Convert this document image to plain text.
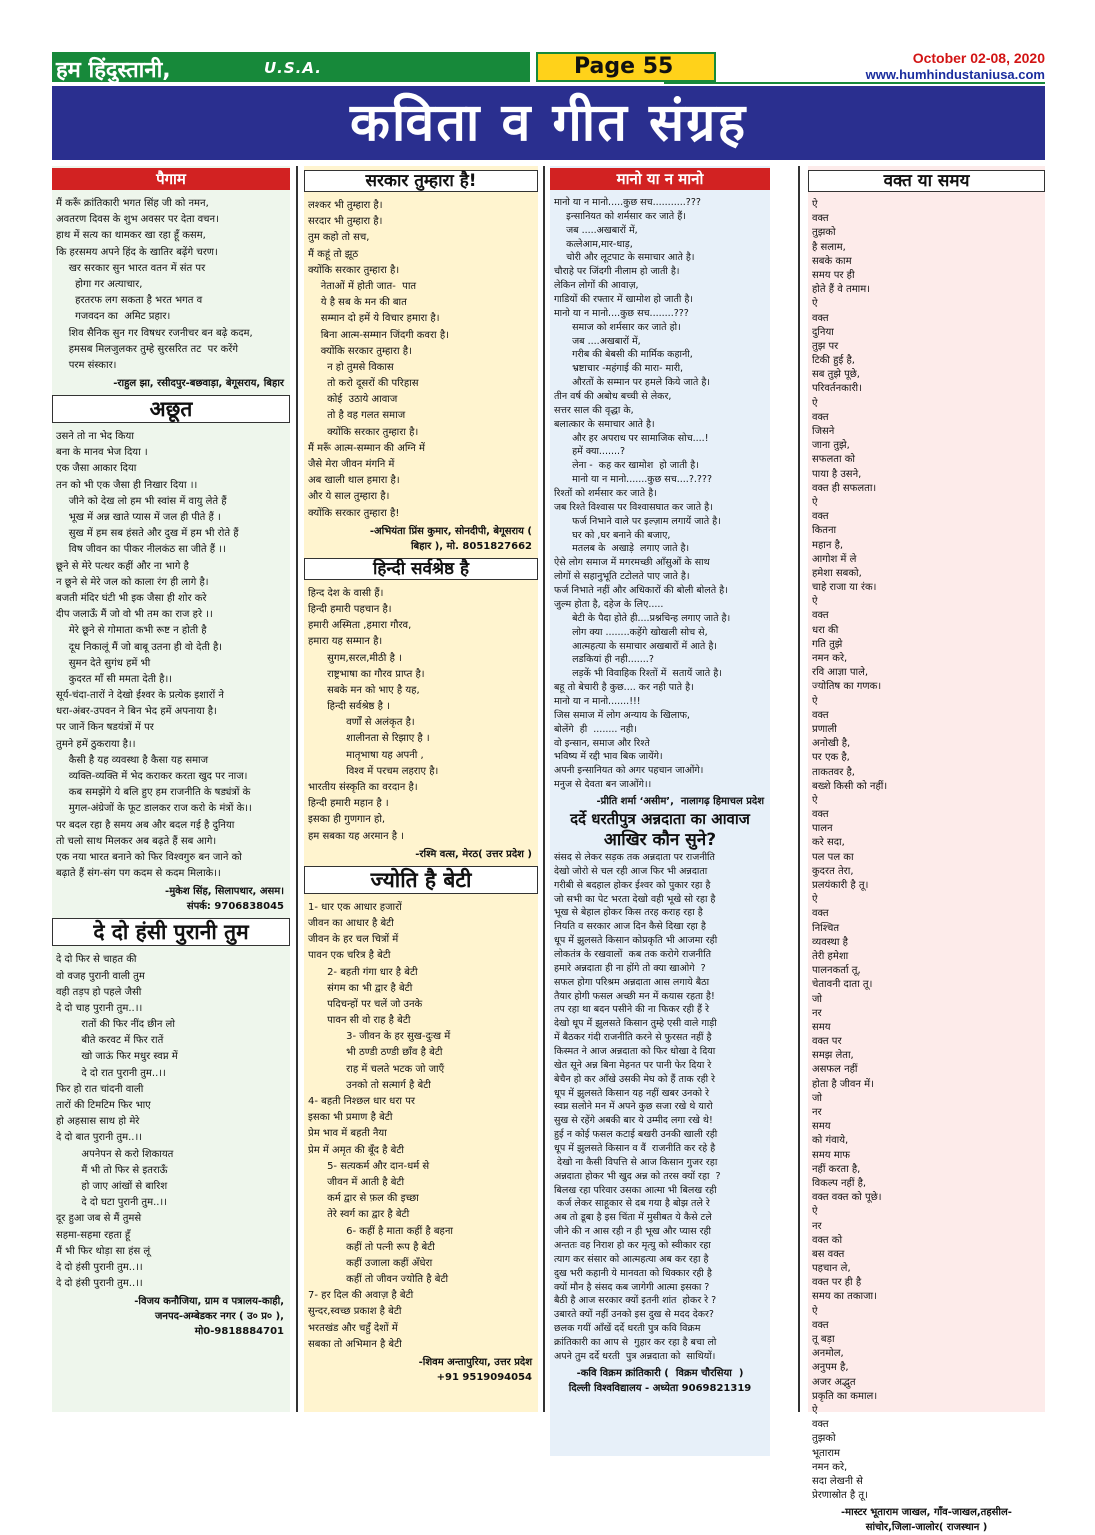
हम हिंदुस्तानी,	U.S.A.	Page 55	October 02-08, 2020
www.humhindustaniusa.com
कविता व गीत संग्रह
पैगाम
मैं करूँ क्रांतिकारी भगत सिंह जी को नमन,
अवतरण दिवस के शुभ अवसर पर देता वचन।
हाथ में सत्य का थामकर खा रहा हूँ कसम,
कि हरसमय अपने हिंद के खातिर बढ़ेंगे चरण।
खर सरकार सुन भारत वतन में संत पर
होगा गर अत्याचार,
हरतरफ लग सकता है भरत भगत व
गजवदन का  अमिट प्रहार।
शिव सैनिक सुन गर विषधर रजनीचर बन बढ़े कदम,
हमसब मिलजुलकर तुम्हे सुरसरित तट  पर करेंगे
परम संस्कार।
-राहुल झा, रसीदपुर-बछवाड़ा, बेगूसराय, बिहार
अछूत
उसने तो ना भेद किया
बना के मानव भेज दिया ।
एक जैसा आकार दिया
तन को भी एक जैसा ही निखार दिया ।।
जीने को देख लो हम भी स्वांस में वायु लेते हैं
भूख में अन्न खाते प्यास में जल ही पीते हैं ।
सुख में हम सब हंसते और दुख में हम भी रोते हैं
विष जीवन का पीकर नीलकंठ सा जीते हैं ।।
छूने से मेरे पत्थर कहीं और ना भागे है
न छूने से मेरे जल को काला रंग ही लागे है।
बजती मंदिर घंटी भी इक जैसा ही शोर करे
दीप जलाऊँ मैं जो वो भी तम का राज हरे ।।
मेरे छूने से गोमाता कभी रूष्ट न होती है
दूध निकालूं मैं जो बाबू उतना ही वो देती है।
सुमन देते सुगंध हमें भी
कुदरत माँ सी ममता देती है।।
सूर्य-चंदा-तारों ने देखो ईश्वर के प्रत्येक इशारों ने
धरा-अंबर-उपवन ने बिन भेद हमें अपनाया है।
पर जानें किन षडयंत्रों में पर
तुमने हमें ठुकराया है।।
कैसी है यह व्यवस्था है कैसा यह समाज
व्यक्ति-व्यक्ति में भेद कराकर करता खुद पर नाज।
कब समझेंगे ये बलि हुए हम राजनीति के षड्यंत्रों के
मुगल-अंग्रेजों के फूट डालकर राज करो के मंत्रों के।।
पर बदल रहा है समय अब और बदल गई है दुनिया
तो चलो साथ मिलकर अब बढ़ते हैं सब आगे।
एक नया भारत बनाने को फिर विश्वगुरु बन जाने को
बढ़ाते हैं संग-संग पग कदम से कदम मिलाके।।
-मुकेश सिंह, सिलापथार, असम।
संपर्क: 9706838045
दे दो हंसी पुरानी तुम
दे दो फिर से चाहत की
वो वजह पुरानी वाली तुम
वही तड़प हो पहले जैसी
दे दो चाह पुरानी तुम..।।
रातों की फिर नींद छीन लो
बीते करवट में फिर रातें
खो जाऊं फिर मधुर स्वप्न में
दे दो रात पुरानी तुम..।।
फिर हो रात चांदनी वाली
तारों की टिमटिम फिर भाए
हो अहसास साथ हो मेरे
दे दो बात पुरानी तुम..।।
अपनेपन से करो शिकायत
मैं भी तो फिर से इतराऊँ
हो जाए आंखों से बारिश
दे दो घटा पुरानी तुम..।।
दूर हुआ जब से मैं तुमसे
सहमा-सहमा रहता हूँ
मैं भी फिर थोड़ा सा हंस लूं
दे दो हंसी पुरानी तुम..।।
दे दो हंसी पुरानी तुम..।।
-विजय कनौजिया, ग्राम व पत्रालय-काही,
जनपद-अम्बेडकर नगर ( उ० प्र० ),
मो0-9818884701
सरकार तुम्हारा है!
लश्कर भी तुम्हारा है।
सरदार भी तुम्हारा है।
तुम कहो तो सच,
मैं कहूं तो झूठ
क्योंकि सरकार तुम्हारा है।
नेताओं में होती जात-  पात
ये है सब के मन की बात
सम्मान दो हमें ये विचार हमारा है।
बिना आत्म-सम्मान जिंदगी कवरा है।
क्योंकि सरकार तुम्हारा है।
न हो तुमसे विकास
तो करो दूसरों की परिहास
कोई  उठाये आवाज
तो है वह गलत समाज
क्योंकि सरकार तुम्हारा है।
मैं मरूँ आत्म-सम्मान की अग्नि में
जैसे मेरा जीवन मंगनि में
अब खाली थाल हमारा है।
और ये साल तुम्हारा है।
क्योंकि सरकार तुम्हारा है!
-अभियंता प्रिंस कुमार, सोनदीपी, बेगूसराय (
बिहार ), मो. 8051827662
हिन्दी सर्वश्रेष्ठ है
हिन्द देश के वासी हैं।
हिन्दी हमारी पहचान है।
हमारी अस्मिता ,हमारा गौरव,
हमारा यह सम्मान है।
सुगम,सरल,मीठी है ।
राष्ट्रभाषा का गौरव प्राप्त है।
सबके मन को भाए है यह,
हिन्दी सर्वश्रेष्ठ है ।
वर्णों से अलंकृत है।
शालीनता से रिझाए है ।
मातृभाषा यह अपनी ,
विश्व में परचम लहराए है।
भारतीय संस्कृति का वरदान है।
हिन्दी हमारी महान है ।
इसका ही गुणगान हो,
हम सबका यह अरमान है ।
-रश्मि वत्स, मेरठ( उत्तर प्रदेश )
ज्योति है बेटी
1- धार एक आधार हजारों
जीवन का आधार है बेटी
जीवन के हर चल चित्रों में
पावन एक चरित्र है बेटी
2- बहती गंगा धार है बेटी
संगम का भी द्वार है बेटी
पदिचन्हों पर चलें जो उनके
पावन सी वो राह है बेटी
3- जीवन के हर सुख-दुःख में
भी ठण्डी ठण्डी छाँव है बेटी
राह में चलते भटक जो जाएँ
उनको तो सत्मार्ग है बेटी
4- बहती निश्छल धार धरा पर
इसका भी प्रमाण है बेटी
प्रेम भाव में बहती नैया
प्रेम में अमृत की बूँद है बेटी
5- सत्यकर्म और दान-धर्म से
जीवन में आती है बेटी
कर्म द्वार से फ़ल की इच्छा
तेरे स्वर्ग का द्वार है बेटी
6- कहीं है माता कहीं है बहना
कहीं तो पत्नी रूप है बेटी
कहीं उजाला कहीं अँधेरा
कहीं तो जीवन ज्योति है बेटी
7- हर दिल की अवाज़ है बेटी
सुन्दर,स्वच्छ प्रकाश है बेटी
भरतखंड और चहुँ देशों में
सबका तो अभिमान है बेटी
-शिवम अन्तापुरिया, उत्तर प्रदेश
+91 9519094054
मानो या न मानो
मानो या न मानो.....कुछ सच...........???
इन्सानियत को शर्मसार कर जाते हैं।
जब .....अखबारों में,
कत्लेआम,मार-धाड़,
चोरी और लूटपाट के समाचार आते है।
चौराहे पर जिंदगी नीलाम हो जाती है।
लेकिन लोगों की आवाज़,
गाडियों की रफ्तार में खामोश हो जाती है।
मानो या न मानो....कुछ सच........???
समाज को शर्मसार कर जाते हो।
जब ....अखबारों में,
गरीब की बेबसी की मार्मिक कहानी,
भ्रष्टाचार -महंगाई की मारा- मारी,
औरतों के सम्मान पर हमले किये जाते है।
तीन वर्ष की अबोध बच्ची से लेकर,
सत्तर साल की वृद्धा के,
बलात्कार के समाचार आते है।
और हर अपराध पर सामाजिक सोच....!
हमें क्या.......?
लेना -  कह कर खामोश  हो जाती है।
मानो या न मानो.......कुछ सच....?.???
रिश्तों को शर्मसार कर जाते है।
जब रिश्ते विश्वास पर विश्वासघात कर जाते है।
फर्ज निभाने वाले पर इल्ज़ाम लगायें जाते है।
घर को ,घर बनाने की बजाए,
मतलब के  अखाड़े  लगाए जाते है।
ऐसे लोग समाज में मगरमच्छी आँसुओं के साथ
लोगों से सहानुभूति टटोलते पाए जाते है।
फर्ज निभाते नहीं और अधिकारों की बोली बोलते है।
जुल्म होता है, दहेज के लिए.....
बेटी के पैदा होते ही....प्रश्नचिन्ह लगाए जाते है।
लोग क्या ........कहेंगे खोखली सोच से,
आत्महत्या के समाचार अखबारों में आते है।
लडकियां ही नही.......?
लड़कें भी विवाहिक रिश्तों में  सतायें जाते है।
बहू तो बेचारी है कुछ.... कर नही पाते है।
मानो या न मानो.......!!!
जिस समाज में लोग अन्याय के खिलाफ,
बोलेंगे  ही  ........ नही।
वो इन्सान, समाज और रिश्ते
भविष्य में रद्दी भाव बिक जायेंगे।
अपनी इन्सानियत को अगर पहचान जाओंगे।
मनुज से देवता बन जाओंगे।।
-प्रीति शर्मा ‘असीम’,  नालागढ़ हिमाचल प्रदेश
दर्दे धरतीपुत्र अन्नदाता का आवाज
आखिर कौन सुने?
संसद से लेकर सड़क तक अन्नदाता पर राजनीति
देखो जोरो से चल रही आज फिर भी अन्नदाता
गरीबी से बदहाल होकर ईश्वर को पुकार रहा है
जो सभी का पेट भरता देखो वही भूखे सो रहा है
भूख से बेहाल होकर किस तरह कराह रहा है
नियति व सरकार आज दिन कैसे दिखा रहा है
धूप में झुलसते किसान कोप्रकृति भी आजमा रही
लोकतंत्र के रखवालों  कब तक करोगे राजनीति
हमारे अन्नदाता ही ना होंगे तो क्या खाओगे  ?
सफल होगा परिश्रम अन्नदाता आस लगाये बैठा
तैयार होगी फसल अच्छी मन में कयास रहता है!
तप रहा था बदन पसीने की ना फिकर रही हैं रे
देखो धूप में झुलसते किसान तुम्हे एसी वाले गाड़ी
में बैठकर गंदी राजनीति करने से फुरसत नहीं है
किस्मत ने आज अन्नदाता को फिर धोखा दे दिया
खेत सूने अन्न बिना मेहनत पर पानी फेर दिया रे
बेचैन हो कर आँखे उसकी मेघ को हैं ताक रही रे
धूप में झुलसते किसान यह नहीं खबर उनको रे
स्वप्न सलोने मन में अपने कुछ सजा रखे थे यारो
सुख से रहेंगे अबकी बार ये उम्मीद लगा रखे थे!
हुई न कोई फसल कटाई बखरी उनकी खाली रही
धूप में झुलसते किसान व वैं  राजनीति कर रहे है
देखो ना कैसी विपत्ति से आज किसान गुजर रहा
अन्नदाता होकर भी खुद अन्न को तरस क्यों रहा  ?
बिलख रहा परिवार उसका आत्मा भी बिलख रही
कर्ज लेकर साहूकार से दब गया है बोझ तले रे
अब तो डूबा है इस चिंता में मुसीबत ये कैसे टले
जीने की न आस रही न ही भूख और प्यास रही
अन्ततः वह निराश हो कर मृत्यु को स्वीकार रहा
त्याग कर संसार को आत्महत्या अब कर रहा है
दुख भरी कहानी ये मानवता को धिक्कार रही है
क्यों मौन है संसद कब जागेगी आत्मा इसका ?
बैठी है आज सरकार क्यों इतनी शांत  होकर रे ?
उबारते क्यों नहीं उनको इस दुख से मदद देकर?
छलक गयीं आँखें दर्दे धरती पुत्र कवि विक्रम
क्रांतिकारी का आप से  गुहार कर रहा है बचा लो
अपने तुम दर्दे धरती  पुत्र अन्नदाता को  साथियों।
-कवि विक्रम क्रांतिकारी (  विक्रम चौरसिया  )
दिल्ली विश्वविद्यालय - अध्येता 9069821319
वक्त या समय
ऐ
वक्त
तुझको
है सलाम,
सबके काम
समय पर ही
होते हैं वे तमाम।
ऐ
वक्त
दुनिया
तुझ पर
टिकी हुई है,
सब तुझे पूछे,
परिवर्तनकारी।
ऐ
वक्त
जिसने
जाना तुझे,
सफलता को
पाया है उसने,
वक्त ही सफलता।
ऐ
वक्त
कितना
महान है,
आगोश में ले
हमेशा सबको,
चाहे राजा या रंक।
ऐ
वक्त
धरा की
गति तुझे
नमन करे,
रवि आज्ञा पाले,
ज्योतिष का गणक।
ऐ
वक्त
प्रणाली
अनोखी है,
पर एक है,
ताकतवर है,
बख्शे किसी को नहीं।
ऐ
वक्त
पालन
करे सदा,
पल पल का
कुदरत तेरा,
प्रलयंकारी है तू।
ऐ
वक्त
निश्चित
व्यवस्था है
तेरी हमेशा
पालनकर्ता तू,
चेतावनी दाता तू।
जो
नर
समय
वक्त पर
समझ लेता,
असफल नहीं
होता है जीवन में।
जो
नर
समय
को गंवाये,
समय माफ
नहीं करता है,
विकल्प नहीं है,
वक्त वक्त को पूछे।
ऐ
नर
वक्त को
बस वक्त
पहचान ले,
वक्त पर ही है
समय का तकाजा।
ऐ
वक्त
तू बड़ा
अनमोल,
अनुपम है,
अजर अद्भुत
प्रकृति का कमाल।
ऐ
वक्त
तुझको
भूताराम
नमन करे,
सदा लेखनी से
प्रेरणास्रोत है तू।
-मास्टर भूताराम जाखल, गाँव-जाखल,तहसील-
सांचोर,जिला-जालोर( राजस्थान )
